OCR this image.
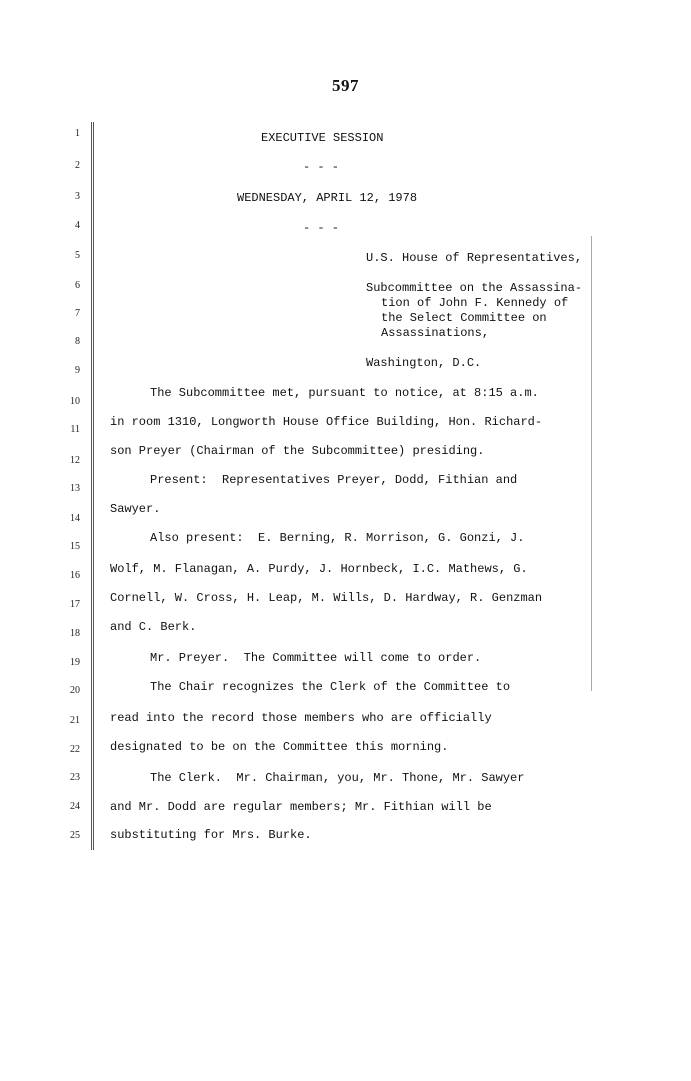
597
1
2
3
4
5
6
7
8
9
10
11
12
13
14
15
16
17
18
19
20
21
22
23
24
25
EXECUTIVE SESSION
- - -
WEDNESDAY, APRIL 12, 1978
- - -
U.S. House of Representatives,
Subcommittee on the Assassina-
tion of John F. Kennedy of
the Select Committee on
Assassinations,
Washington, D.C.
The Subcommittee met, pursuant to notice, at 8:15 a.m.
in room 1310, Longworth House Office Building, Hon. Richard-
son Preyer (Chairman of the Subcommittee) presiding.
Present:  Representatives Preyer, Dodd, Fithian and
Sawyer.
Also present:  E. Berning, R. Morrison, G. Gonzi, J.
Wolf, M. Flanagan, A. Purdy, J. Hornbeck, I.C. Mathews, G.
Cornell, W. Cross, H. Leap, M. Wills, D. Hardway, R. Genzman
and C. Berk.
Mr. Preyer.  The Committee will come to order.
The Chair recognizes the Clerk of the Committee to
read into the record those members who are officially
designated to be on the Committee this morning.
The Clerk.  Mr. Chairman, you, Mr. Thone, Mr. Sawyer
and Mr. Dodd are regular members; Mr. Fithian will be
substituting for Mrs. Burke.
